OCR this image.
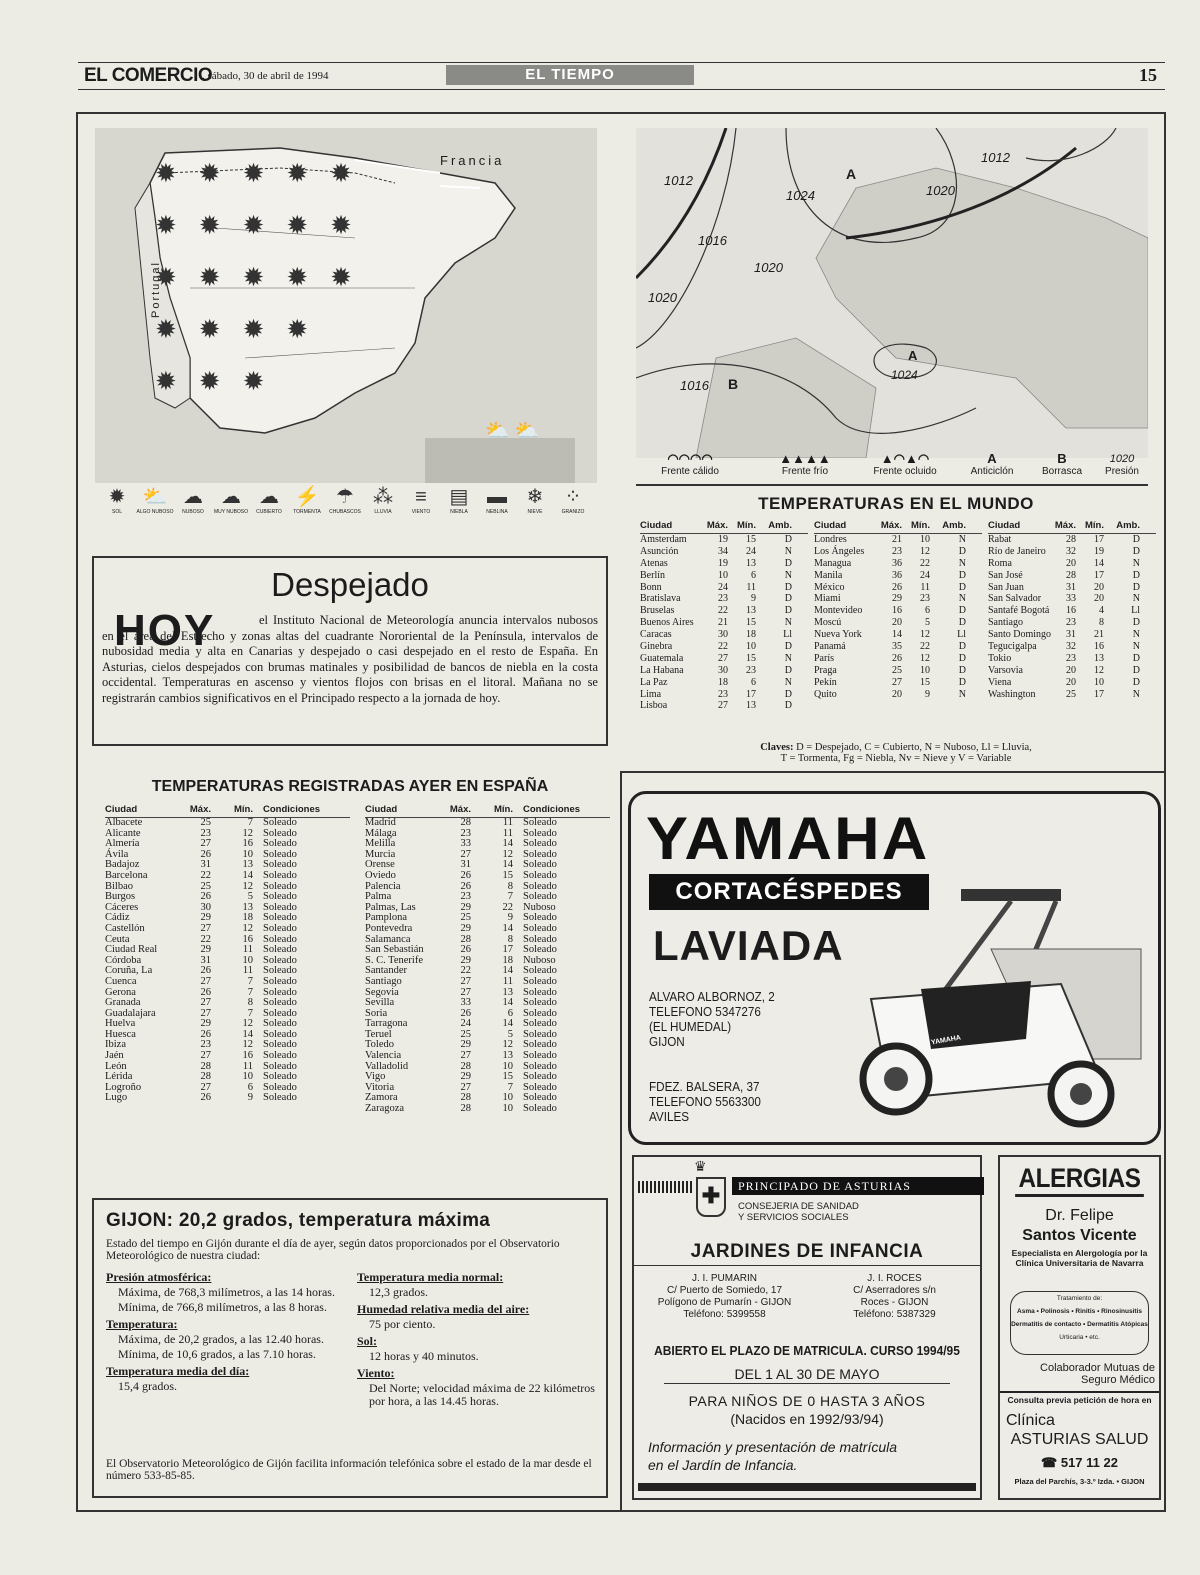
EL COMERCIO
. sábado, 30 de abril de 1994	EL TIEMPO	15
Francia
Portugal
✹✹✹✹✹
✹✹✹✹✹
✹✹✹✹✹
✹✹✹✹
✹✹✹
⛅ ⛅
✹
SOL
⛅
ALGO NUBOSO
☁
NUBOSO
☁
MUY NUBOSO
☁
CUBIERTO
⚡
TORMENTA
☂
CHUBASCOS
⁂
LLUVIA
≡
VIENTO
▤
NIEBLA
▬
NEBLINA
❄
NIEVE
⁘
GRANIZO
1012
1024	1020
1012
1016
1020
1020
1016
1024
A
A
B
◠◠◠◠
Frente cálido
▲▲▲▲
Frente frío
▲◠▲◠
Frente ocluido
A
Anticiclón
B
Borrasca
1020
Presión
TEMPERATURAS EN EL MUNDO
Ciudad	Máx. Mín. Amb.
Amsterdam	19	15	D
Asunción	34	24	N
Atenas	19	13	D
Berlín	10	6	N
Bonn	24	11	D
Bratislava	23	9	D
Bruselas	22	13	D
Buenos Aires	21	15	N
Caracas	30	18	Ll
Ginebra	22	10	D
Guatemala	27	15	N
La Habana	30	23	D
La Paz	18	6	N
Lima	23	17	D
Lisboa	27	13	D
Ciudad	Máx. Mín. Amb.
Londres	21	10	N
Los Ángeles	23	12	D
Managua	36	22	N
Manila	36	24	D
México	26	11	D
Miami	29	23	N
Montevideo	16	6	D
Moscú	20	5	D
Nueva York	14	12	Ll
Panamá	35	22	D
París	26	12	D
Praga	25	10	D
Pekín	27	15	D
Quito	20	9	N
Ciudad	Máx. Mín. Amb.
Rabat	28	17	D
Río de Janeiro	32	19	D
Roma	20	14	N
San José	28	17	D
San Juan	31	20	D
San Salvador	33	20	N
Santafé Bogotá	16	4	Ll
Santiago	23	8	D
Santo Domingo	31	21	N
Tegucigalpa	32	16	N
Tokio	23	13	D
Varsovia	20	12	D
Viena	20	10	D
Washington	25	17	N
Claves: D = Despejado, C = Cubierto, N = Nuboso, Ll = Lluvia,
T = Tormenta, Fg = Niebla, Nv = Nieve y V = Variable
Despejado
HOY	el Instituto Nacional de Meteorología anuncia intervalos nubosos en el área del Estrecho y zonas altas del cuadrante Nororiental de la Península, intervalos de nubosidad media y alta en Canarias y despejado o casi despejado en el resto de España. En Asturias, cielos despejados con brumas matinales y posibilidad de bancos de niebla en la costa occidental. Temperaturas en ascenso y vientos flojos con brisas en el litoral. Mañana no se registrarán cambios significativos en el Principado respecto a la jornada de hoy.
TEMPERATURAS REGISTRADAS AYER EN ESPAÑA
Ciudad	Máx.	Mín. Condiciones
Albacete	25	7 Soleado
Alicante	23	12 Soleado
Almería	27	16 Soleado
Ávila	26	10 Soleado
Badajoz	31	13 Soleado
Barcelona	22	14 Soleado
Bilbao	25	12 Soleado
Burgos	26	5 Soleado
Cáceres	30	13 Soleado
Cádiz	29	18 Soleado
Castellón	27	12 Soleado
Ceuta	22	16 Soleado
Ciudad Real	29	11 Soleado
Córdoba	31	10 Soleado
Coruña, La	26	11 Soleado
Cuenca	27	7 Soleado
Gerona	26	7 Soleado
Granada	27	8 Soleado
Guadalajara	27	7 Soleado
Huelva	29	12 Soleado
Huesca	26	14 Soleado
Ibiza	23	12 Soleado
Jaén	27	16 Soleado
León	28	11 Soleado
Lérida	28	10 Soleado
Logroño	27	6 Soleado
Lugo	26	9 Soleado
Ciudad	Máx.	Mín. Condiciones
Madrid	28	11 Soleado
Málaga	23	11 Soleado
Melilla	33	14 Soleado
Murcia	27	12 Soleado
Orense	31	14 Soleado
Oviedo	26	15 Soleado
Palencia	26	8 Soleado
Palma	23	7 Soleado
Palmas, Las	29	22 Nuboso
Pamplona	25	9 Soleado
Pontevedra	29	14 Soleado
Salamanca	28	8 Soleado
San Sebastián	26	17 Soleado
S. C. Tenerife	29	18 Nuboso
Santander	22	14 Soleado
Santiago	27	11 Soleado
Segovia	27	13 Soleado
Sevilla	33	14 Soleado
Soria	26	6 Soleado
Tarragona	24	14 Soleado
Teruel	25	5 Soleado
Toledo	29	12 Soleado
Valencia	27	13 Soleado
Valladolid	28	10 Soleado
Vigo	29	15 Soleado
Vitoria	27	7 Soleado
Zamora	28	10 Soleado
Zaragoza	28	10 Soleado
GIJON: 20,2 grados, temperatura máxima
Estado del tiempo en Gijón durante el día de ayer, según datos proporcionados por el Observatorio Meteorológico de nuestra ciudad:
Presión atmosférica:
Máxima, de 768,3 milímetros, a las 14 horas.
Mínima, de 766,8 milímetros, a las 8 horas.
Temperatura:
Máxima, de 20,2 grados, a las 12.40 horas.
Mínima, de 10,6 grados, a las 7.10 horas.
Temperatura media del día:
15,4 grados.
Temperatura media normal:
12,3 grados.
Humedad relativa media del aire:
75 por ciento.
Sol:
12 horas y 40 minutos.
Viento:
Del Norte; velocidad máxima de 22 kilómetros por hora, a las 14.45 horas.
El Observatorio Meteorológico de Gijón facilita información telefónica sobre el estado de la mar desde el número 533-85-85.
YAMAHA
CORTACÉSPEDES
LAVIADA
ALVARO ALBORNOZ, 2
TELEFONO 5347276
(EL HUMEDAL)
GIJON
FDEZ. BALSERA, 37
TELEFONO 5563300
AVILES
YAMAHA
✚
♛
PRINCIPADO DE ASTURIAS
CONSEJERIA DE SANIDAD
Y SERVICIOS SOCIALES
JARDINES DE INFANCIA
J. I. PUMARIN
C/ Puerto de Somiedo, 17
Polígono de Pumarín - GIJON
Teléfono: 5399558
J. I. ROCES
C/ Aserradores s/n
Roces - GIJON
Teléfono: 5387329
ABIERTO EL PLAZO DE MATRICULA. CURSO 1994/95
DEL 1 AL 30 DE MAYO
PARA NIÑOS DE 0 HASTA 3 AÑOS
(Nacidos en 1992/93/94)
Información y presentación de matrícula
en el Jardín de Infancia.
ALERGIAS
Dr. Felipe
Santos Vicente
Especialista en Alergología por la Clínica Universitaria de Navarra
Tratamiento de:
Asma • Polinosis • Rinitis • Rinosinusitis
Dermatitis de contacto • Dermatitis Atópicas
Urticaria • etc.
Colaborador Mutuas de Seguro Médico
Consulta previa petición de hora en
Clínica
ASTURIAS SALUD
☎ 517 11 22
Plaza del Parchís, 3-3.º Izda. • GIJON
